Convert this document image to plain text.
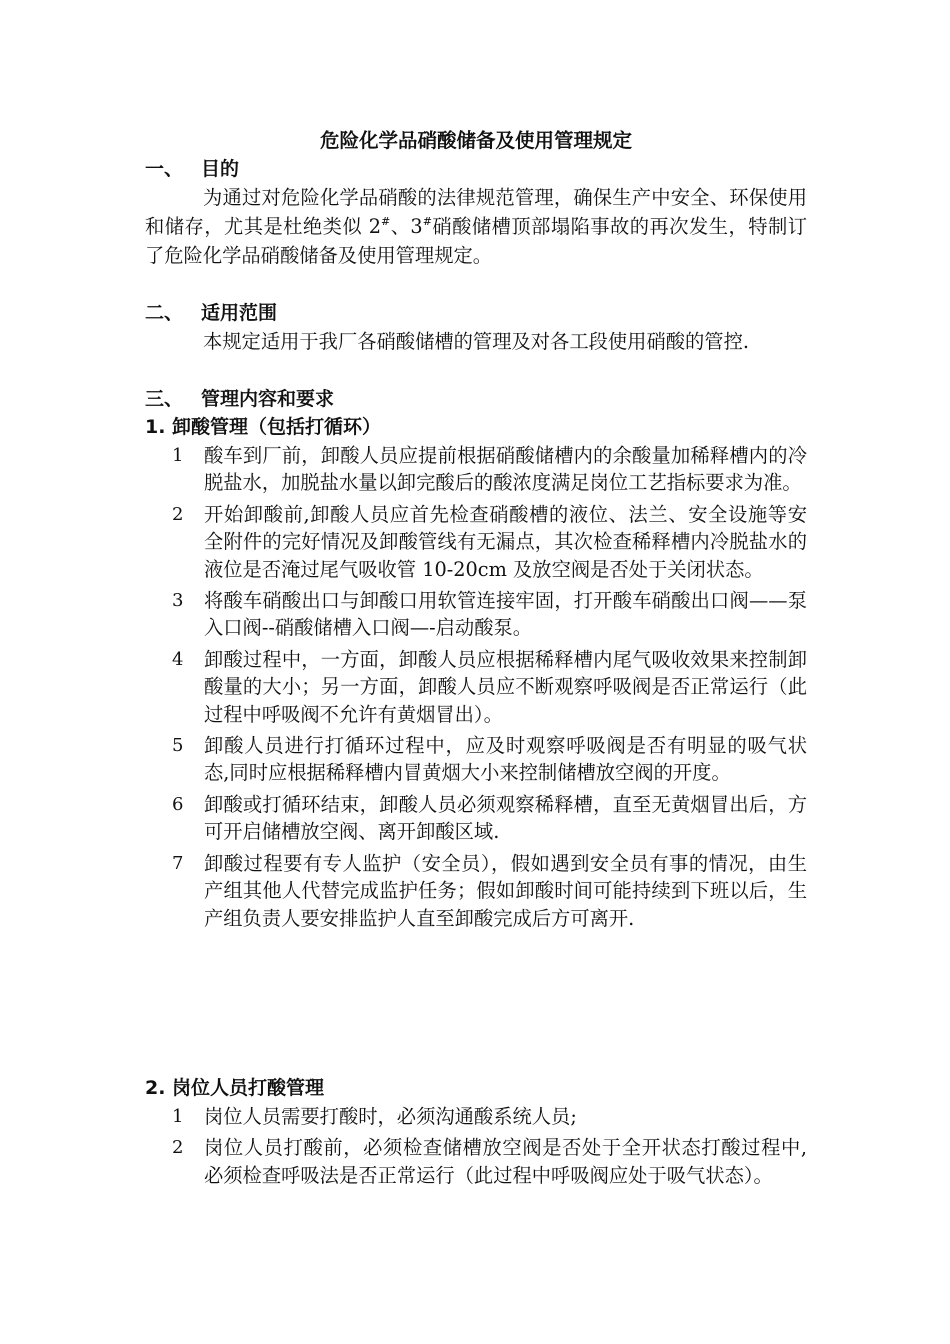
危险化学品硝酸储备及使用管理规定
一、 目的
为通过对危险化学品硝酸的法律规范管理，确保生产中安全、环保使用和储存，尤其是杜绝类似 2#、3#硝酸储槽顶部塌陷事故的再次发生，特制订了危险化学品硝酸储备及使用管理规定。
二、 适用范围
本规定适用于我厂各硝酸储槽的管理及对各工段使用硝酸的管控.
三、 管理内容和要求
1. 卸酸管理（包括打循环）
1 酸车到厂前，卸酸人员应提前根据硝酸储槽内的余酸量加稀释槽内的冷脱盐水，加脱盐水量以卸完酸后的酸浓度满足岗位工艺指标要求为准。
2 开始卸酸前,卸酸人员应首先检查硝酸槽的液位、法兰、安全设施等安全附件的完好情况及卸酸管线有无漏点，其次检查稀释槽内冷脱盐水的液位是否淹过尾气吸收管 10-20cm 及放空阀是否处于关闭状态。
3 将酸车硝酸出口与卸酸口用软管连接牢固，打开酸车硝酸出口阀——泵入口阀--硝酸储槽入口阀—-启动酸泵。
4 卸酸过程中，一方面，卸酸人员应根据稀释槽内尾气吸收效果来控制卸酸量的大小；另一方面，卸酸人员应不断观察呼吸阀是否正常运行（此过程中呼吸阀不允许有黄烟冒出）。
5 卸酸人员进行打循环过程中，应及时观察呼吸阀是否有明显的吸气状态,同时应根据稀释槽内冒黄烟大小来控制储槽放空阀的开度。
6 卸酸或打循环结束，卸酸人员必须观察稀释槽，直至无黄烟冒出后，方可开启储槽放空阀、离开卸酸区域.
7 卸酸过程要有专人监护（安全员），假如遇到安全员有事的情况，由生产组其他人代替完成监护任务；假如卸酸时间可能持续到下班以后，生产组负责人要安排监护人直至卸酸完成后方可离开.
2. 岗位人员打酸管理
1 岗位人员需要打酸时，必须沟通酸系统人员;
2 岗位人员打酸前，必须检查储槽放空阀是否处于全开状态打酸过程中,必须检查呼吸法是否正常运行（此过程中呼吸阀应处于吸气状态）。
